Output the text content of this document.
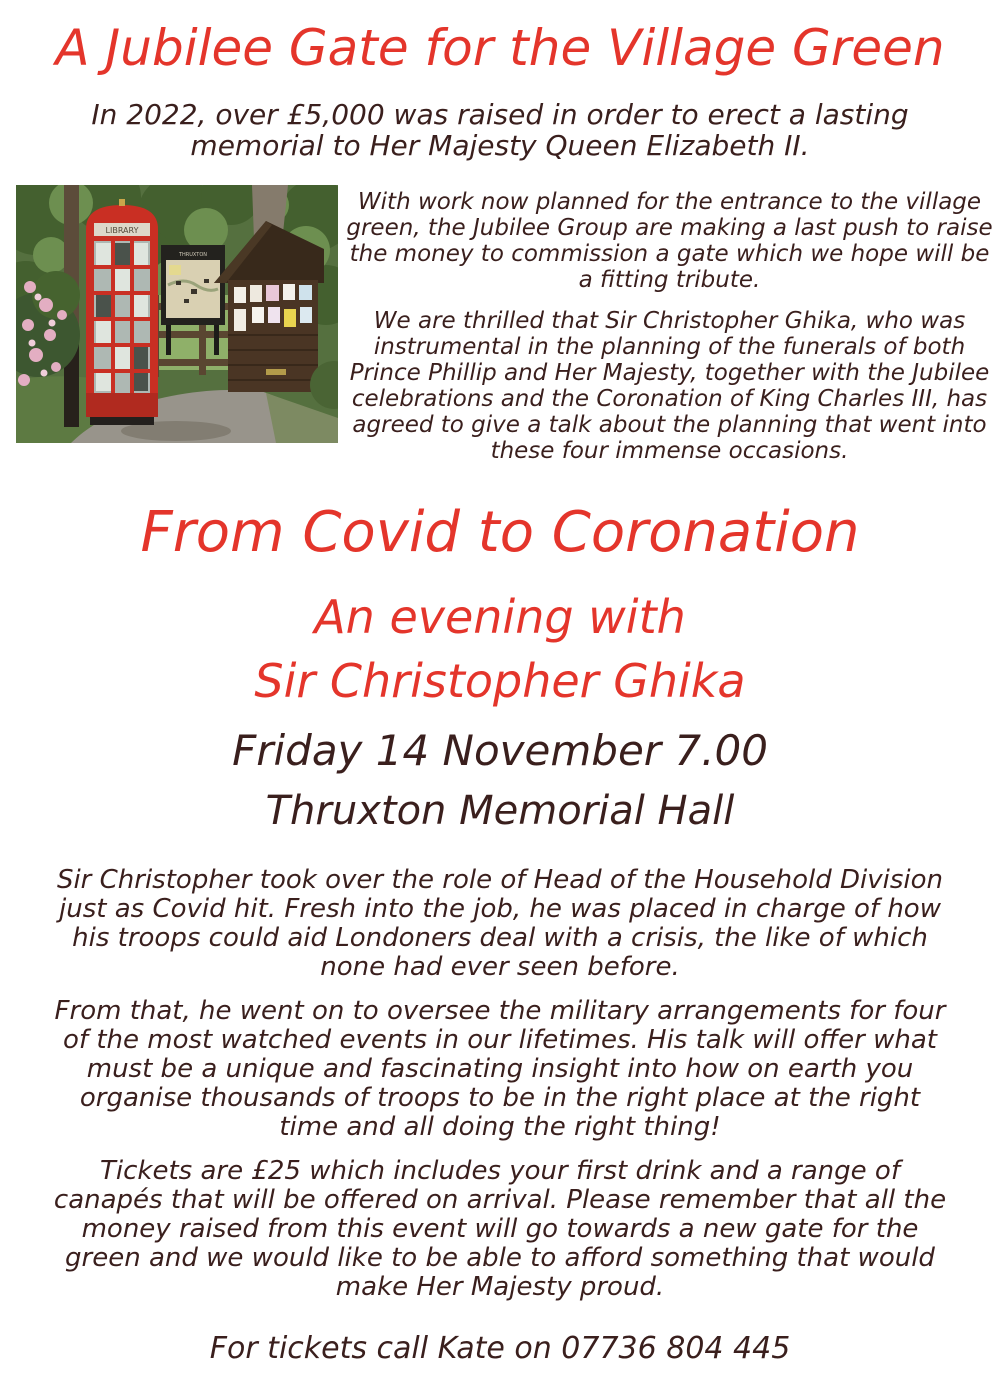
A Jubilee Gate for the Village Green
In 2022, over £5,000 was raised in order to erect a lasting memorial to Her Majesty Queen Elizabeth II.
LIBRARY
THRUXTON

With work now planned for the entrance to the village green, the Jubilee Group are making a last push to raise the money to commission a gate which we hope will be a fitting tribute.

We are thrilled that Sir Christopher Ghika, who was instrumental in the planning of the funerals of both Prince Phillip and Her Majesty, together with the Jubilee celebrations and the Coronation of King Charles III, has agreed to give a talk about the planning that went into these four immense occasions.

From Covid to Coronation
An evening with
Sir Christopher Ghika
Friday 14 November 7.00
Thruxton Memorial Hall

Sir Christopher took over the role of Head of the Household Division just as Covid hit. Fresh into the job, he was placed in charge of how his troops could aid Londoners deal with a crisis, the like of which none had ever seen before.

From that, he went on to oversee the military arrangements for four of the most watched events in our lifetimes. His talk will offer what must be a unique and fascinating insight into how on earth you organise thousands of troops to be in the right place at the right time and all doing the right thing!

Tickets are £25 which includes your first drink and a range of canapés that will be offered on arrival. Please remember that all the money raised from this event will go towards a new gate for the green and we would like to be able to afford something that would make Her Majesty proud.

For tickets call Kate on 07736 804 445
